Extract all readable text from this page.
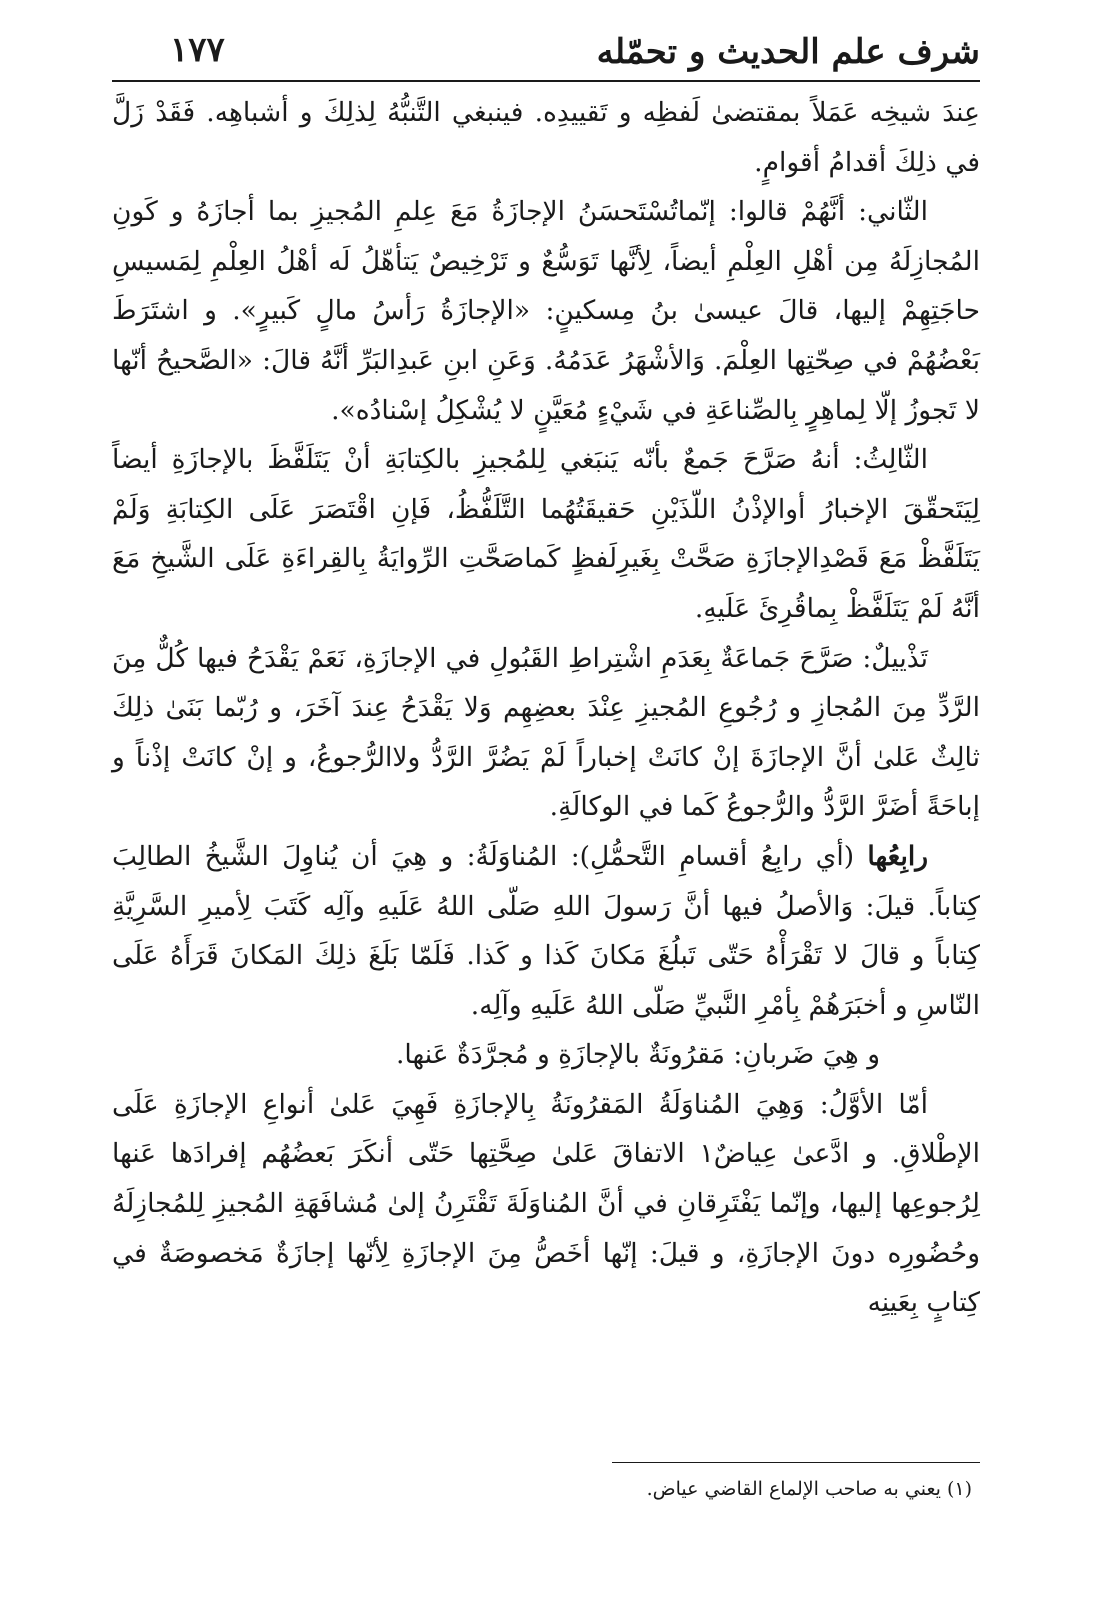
شرف علم الحديث و تحمّله
١٧٧

عِندَ شيخِه عَمَلاً بمقتضىٰ لَفظِه و تَقييدِه. فينبغي التَّنبُّهُ لِذلِكَ و أشباهِه. فَقَدْ زَلَّ في ذلِكَ أقدامُ أقوامٍ.

الثّاني: أنَّهُمْ قالوا: إنّماتُسْتَحسَنُ الإجازَةُ مَعَ عِلمِ المُجيزِ بما أجازَهُ و كَونِ المُجازِلَهُ مِن أهْلِ العِلْمِ أيضاً، لِأنَّها تَوَسُّعٌ و تَرْخِيصٌ يَتأهّلُ لَه أهْلُ العِلْمِ لِمَسيسِ حاجَتِهِمْ إليها، قالَ عيسىٰ بنُ مِسكينٍ: «الإجازَةُ رَأسُ مالٍ كَبيرٍ». و اشتَرَطَ بَعْضُهُمْ في صِحّتِها العِلْمَ. وَالأشْهَرُ عَدَمُهُ. وَعَنِ ابنِ عَبدِالبَرِّ أنَّهُ قالَ: «الصَّحيحُ أنّها لا تَجوزُ إلّا لِماهِرٍ بِالصِّناعَةِ في شَيْءٍ مُعَيَّنٍ لا يُشْكِلُ إسْنادُه».

الثّالِثُ: أنهُ صَرَّحَ جَمعٌ بأنّه يَنبَغي لِلمُجيزِ بالكِتابَةِ أنْ يَتَلَفَّظَ بالإجازَةِ أيضاً لِيَتَحقّقَ الإخبارُ أوالإذْنُ اللّذَيْنِ حَقيقَتُهُما التَّلَفُّظُ، فَإنِ اقْتَصَرَ عَلَى الكِتابَةِ وَلَمْ يَتَلَفَّظْ مَعَ قَصْدِالإجازَةِ صَحَّتْ بِغَيرِلَفظٍ كَماصَحَّتِ الرِّوايَةُ بِالقِراءَةِ عَلَى الشَّيخِ مَعَ أنَّهُ لَمْ يَتَلَفَّظْ بِماقُرِئَ عَلَيهِ.

تَذْييلٌ: صَرَّحَ جَماعَةٌ بِعَدَمِ اشْتِراطِ القَبُولِ في الإجازَةِ، نَعَمْ يَقْدَحُ فيها كُلٌّ مِنَ الرَّدِّ مِنَ المُجازِ و رُجُوعِ المُجيزِ عِنْدَ بعضِهِم وَلا يَقْدَحُ عِندَ آخَرَ، و رُبّما بَنَىٰ ذلِكَ ثالِثٌ عَلىٰ أنَّ الإجازَةَ إنْ كانَتْ إخباراً لَمْ يَضُرَّ الرَّدُّ ولاالرُّجوعُ، و إنْ كانَتْ إذْناً و إباحَةً أضَرَّ الرَّدُّ والرُّجوعُ كَما في الوكالَةِ.

رابِعُها (أي رابِعُ أقسامِ التَّحمُّلِ): المُناوَلَةُ: و هِيَ أن يُناوِلَ الشَّيخُ الطالِبَ كِتاباً. قيلَ: وَالأصلُ فيها أنَّ رَسولَ اللهِ صَلّى اللهُ عَلَيهِ وآلِه كَتَبَ لِأميرِ السَّرِيَّةِ كِتاباً و قالَ لا تَقْرَأْهُ حَتّى تَبلُغَ مَكانَ كَذا و كَذا. فَلَمّا بَلَغَ ذلِكَ المَكانَ قَرَأَهُ عَلَى النّاسِ و أخبَرَهُمْ بِأمْرِ النَّبيِّ صَلّى اللهُ عَلَيهِ وآلِه.

و هِيَ ضَربانِ: مَقرُونَةٌ بالإجازَةِ و مُجرَّدَةٌ عَنها.

أمّا الأوَّلُ: وَهِيَ المُناوَلَةُ المَقرُونَةُ بِالإجازَةِ فَهِيَ عَلىٰ أنواعِ الإجازَةِ عَلَى الإطْلاقِ. و ادَّعىٰ عِياضٌ١ الاتفاقَ عَلىٰ صِحَّتِها حَتّى أنكَرَ بَعضُهُم إفرادَها عَنها لِرُجوعِها إليها، وإنّما يَفْتَرِقانِ في أنَّ المُناوَلَةَ تَقْتَرِنُ إلىٰ مُشافَهَةِ المُجيزِ لِلمُجازِلَهُ وحُضُورِه دونَ الإجازَةِ، و قيلَ: إنّها أخَصُّ مِنَ الإجازَةِ لِأنّها إجازَةٌ مَخصوصَةٌ في كِتابٍ بِعَينِه

(١) يعني به صاحب الإلماع القاضي عياض.
